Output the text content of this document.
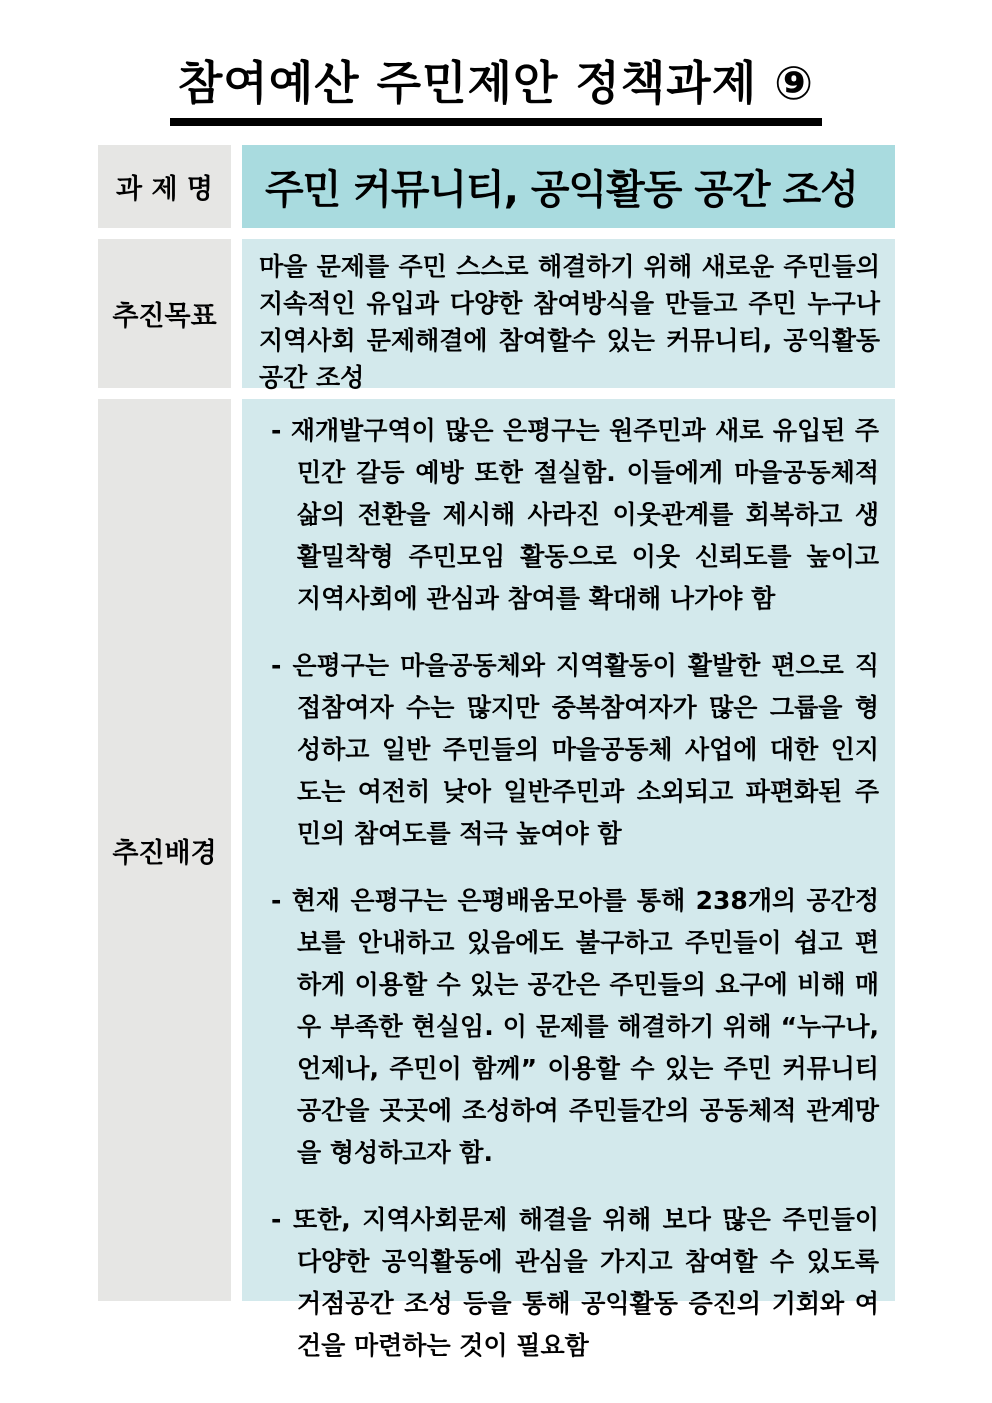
참여예산 주민제안 정책과제 ⑨
과 제 명	주민 커뮤니티, 공익활동 공간 조성
추진목표
마을 문제를 주민 스스로 해결하기 위해 새로운 주민들의 지속적인 유입과 다양한 참여방식을 만들고 주민 누구나 지역사회 문제해결에 참여할수 있는 커뮤니티, 공익활동 공간 조성
추진배경
- 재개발구역이 많은 은평구는 원주민과 새로 유입된 주민간 갈등 예방 또한 절실함. 이들에게 마을공동체적 삶의 전환을 제시해 사라진 이웃관계를 회복하고 생활밀착형 주민모임 활동으로 이웃 신뢰도를 높이고 지역사회에 관심과 참여를 확대해 나가야 함
- 은평구는 마을공동체와 지역활동이 활발한 편으로 직접참여자 수는 많지만 중복참여자가 많은 그룹을 형성하고 일반 주민들의 마을공동체 사업에 대한 인지도는 여전히 낮아 일반주민과 소외되고 파편화된 주민의 참여도를 적극 높여야 함
- 현재 은평구는 은평배움모아를 통해 238개의 공간정보를 안내하고 있음에도 불구하고 주민들이 쉽고 편하게 이용할 수 있는 공간은 주민들의 요구에 비해 매우 부족한 현실임. 이 문제를 해결하기 위해 “누구나, 언제나, 주민이 함께” 이용할 수 있는 주민 커뮤니티 공간을 곳곳에 조성하여 주민들간의 공동체적 관계망을 형성하고자 함.
- 또한, 지역사회문제 해결을 위해 보다 많은 주민들이 다양한 공익활동에 관심을 가지고 참여할 수 있도록 거점공간 조성 등을 통해 공익활동 증진의 기회와 여건을 마련하는 것이 필요함
